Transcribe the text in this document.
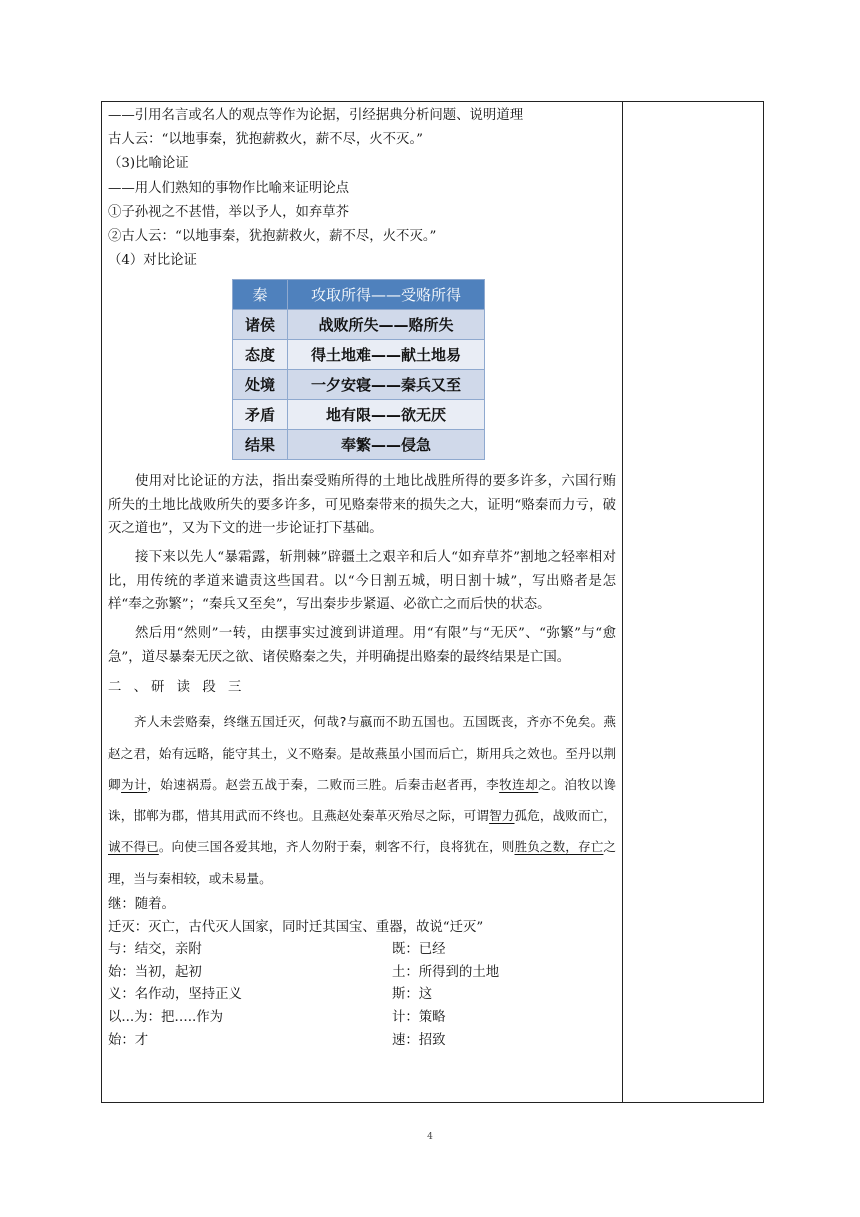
——引用名言或名人的观点等作为论据，引经据典分析问题、说明道理
古人云：“以地事秦，犹抱薪救火，薪不尽，火不灭。”
（3)比喻论证
——用人们熟知的事物作比喻来证明论点
①子孙视之不甚惜，举以予人，如弃草芥
②古人云：“以地事秦，犹抱薪救火，薪不尽，火不灭。”
（4）对比论证
秦	攻取所得——受赂所得
诸侯	战败所失——赂所失
态度	得土地难——献土地易
处境	一夕安寝——秦兵又至
矛盾	地有限——欲无厌
结果	奉繁——侵急

使用对比论证的方法，指出秦受贿所得的土地比战胜所得的要多许多，六国行贿所失的土地比战败所失的要多许多，可见赂秦带来的损失之大，证明“赂秦而力亏，破灭之道也”，又为下文的进一步论证打下基础。

接下来以先人“暴霜露，斩荆棘”辟疆土之艰辛和后人“如弃草芥”割地之轻率相对比，用传统的孝道来谴责这些国君。以“今日割五城，明日割十城”，写出赂者是怎样“奉之弥繁”；“秦兵又至矣”，写出秦步步紧逼、必欲亡之而后快的状态。

然后用“然则”一转，由摆事实过渡到讲道理。用“有限”与“无厌”、“弥繁”与“愈急”，道尽暴秦无厌之欲、诸侯赂秦之失，并明确提出赂秦的最终结果是亡国。

二 、研 读 段 三

齐人未尝赂秦，终继五国迁灭，何哉?与嬴而不助五国也。五国既丧，齐亦不免矣。燕赵之君，始有远略，能守其土，义不赂秦。是故燕虽小国而后亡，斯用兵之效也。至丹以荆卿为计，始速祸焉。赵尝五战于秦，二败而三胜。后秦击赵者再，李牧连却之。洎牧以谗诛，邯郸为郡，惜其用武而不终也。且燕赵处秦革灭殆尽之际，可谓智力孤危，战败而亡，诚不得已。向使三国各爱其地，齐人勿附于秦，刺客不行，良将犹在，则胜负之数，存亡之理，当与秦相较，或未易量。

继：随着。
迁灭：灭亡，古代灭人国家，同时迁其国宝、重器，故说“迁灭”
与：结交，亲附	既：已经
始：当初，起初	土：所得到的土地
义：名作动，坚持正义	斯：这
以...为：把…..作为	计：策略
始：才	速：招致
4
